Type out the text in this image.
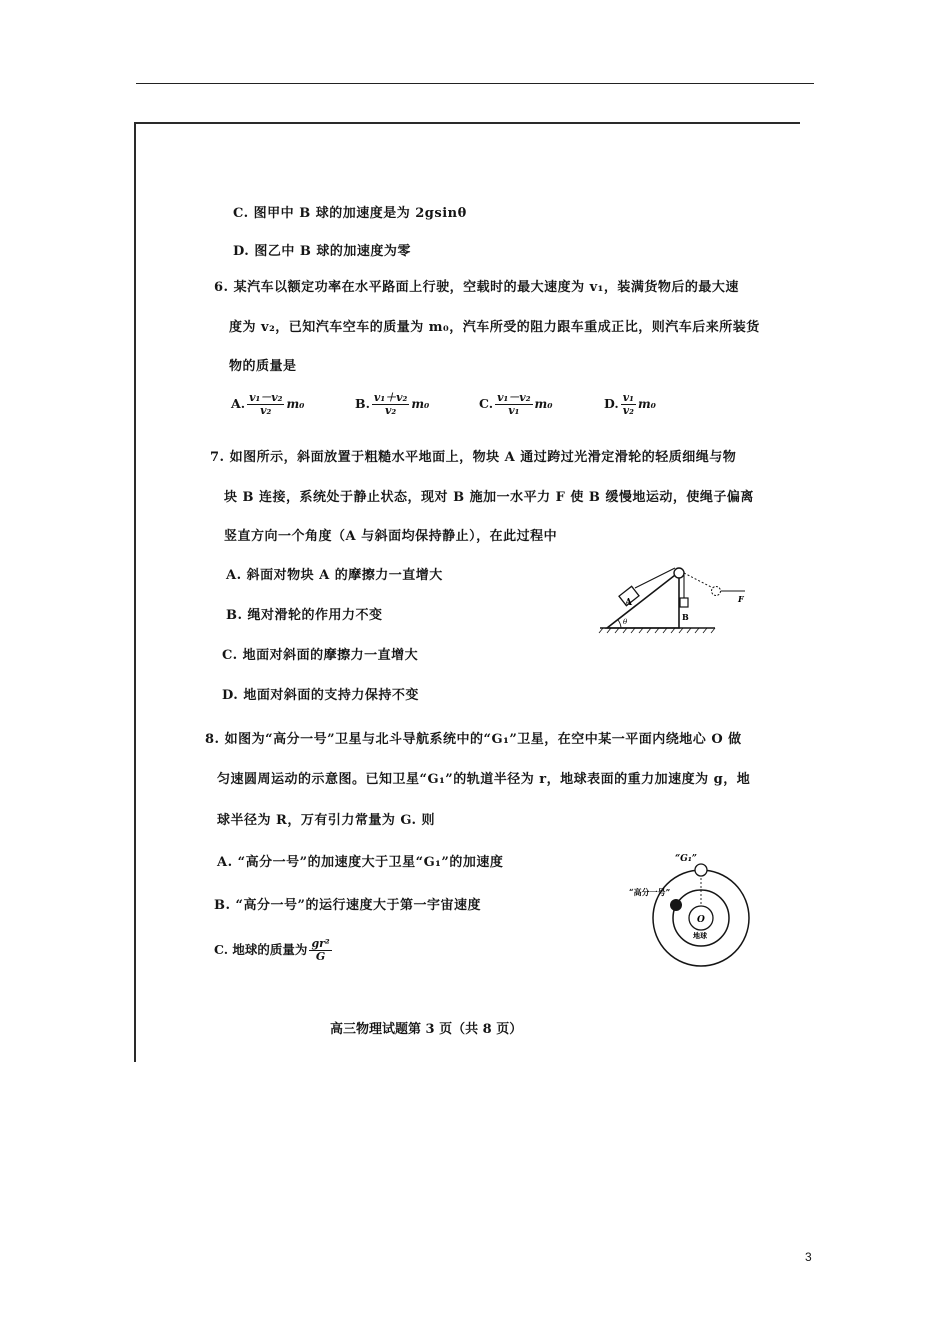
C. 图甲中 B 球的加速度是为 2gsinθ
D. 图乙中 B 球的加速度为零
6. 某汽车以额定功率在水平路面上行驶，空载时的最大速度为 v₁，装满货物后的最大速
度为 v₂，已知汽车空车的质量为 m₀，汽车所受的阻力跟车重成正比，则汽车后来所装货
物的质量是
A. $\frac{\text{v₁－v₂}}{\text{v₂}} m_0$	B. $\frac{\text{v₁＋v₂}}{\text{v₂}} m_0$	C. $\frac{\text{v₁－v₂}}{\text{v₁}} m_0$	D. $\frac{\text{v₁}}{\text{v₂}} m_0$
7. 如图所示，斜面放置于粗糙水平地面上，物块 A 通过跨过光滑定滑轮的轻质细绳与物
块 B 连接，系统处于静止状态，现对 B 施加一水平力 F 使 B 缓慢地运动，使绳子偏离
竖直方向一个角度（A 与斜面均保持静止），在此过程中
A. 斜面对物块 A 的摩擦力一直增大
B. 绳对滑轮的作用力不变
C. 地面对斜面的摩擦力一直增大
D. 地面对斜面的支持力保持不变
A
B
F
θ
8. 如图为“高分一号”卫星与北斗导航系统中的“G₁”卫星，在空中某一平面内绕地心 O 做
匀速圆周运动的示意图。已知卫星“G₁”的轨道半径为 r，地球表面的重力加速度为 g，地
球半径为 R，万有引力常量为 G. 则
A. “高分一号”的加速度大于卫星“G₁”的加速度
B. “高分一号”的运行速度大于第一宇宙速度
C. 地球的质量为 $\frac{\text{gr²}}{G}$
“G₁”
“高分一号”
O
地球
高三物理试题第 3 页（共 8 页）
3
